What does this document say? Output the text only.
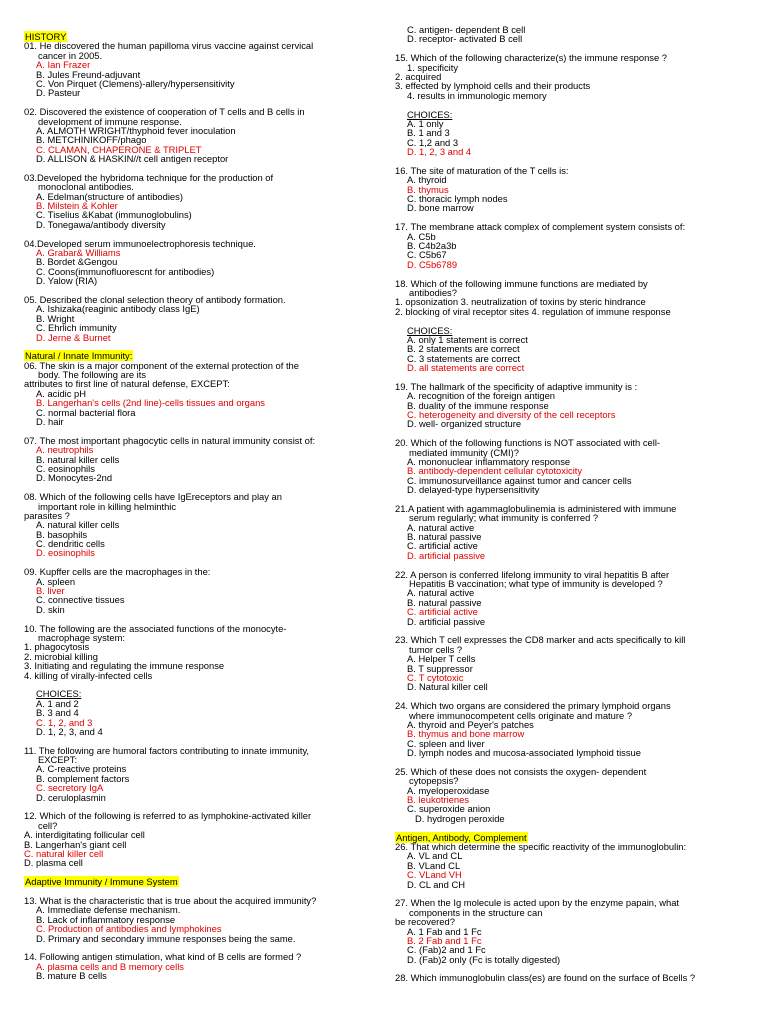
HISTORY
01. He discovered the human papilloma virus vaccine against cervical
cancer in 2005.
A. Ian Frazer
B. Jules Freund-adjuvant
C. Von Pirquet (Clemens)-allery/hypersensitivity
D. Pasteur
02. Discovered the existence of cooperation of T cells and B cells in
development of immune response.
A. ALMOTH WRIGHT/thyphoid fever inoculation
B. METCHINIKOFF/phago
C. CLAMAN, CHAPERONE & TRIPLET
D. ALLISON & HASKIN//t cell antigen receptor
03.Developed the hybridoma technique for the production of
monoclonal antibodies.
A. Edelman(structure of antibodies)
B. Milstein & Kohler
C. Tiselius &Kabat (immunoglobulins)
D. Tonegawa/antibody diversity
04.Developed serum immunoelectrophoresis technique.
A. Grabar& Williams
B. Bordet &Gengou
C. Coons(immunofluorescnt for antibodies)
D. Yalow (RIA)
05. Described the clonal selection theory of antibody formation.
A. Ishizaka(reaginic antibody class IgE)
B. Wright
C. Ehrlich immunity
D. Jerne & Burnet
Natural / Innate Immunity:
06. The skin is a major component of the external protection of the
body. The following are its
attributes to first line of natural defense, EXCEPT:
A. acidic pH
B. Langerhan's cells (2nd line)-cells tissues and organs
C. normal bacterial flora
D. hair
07. The most important phagocytic cells in natural immunity consist of:
A. neutrophils
B. natural killer cells
C. eosinophils
D. Monocytes-2nd
08. Which of the following cells have IgEreceptors and play an
important role in killing helminthic
parasites ?
A. natural killer cells
B. basophils
C. dendritic cells
D. eosinophils
09. Kupffer cells are the macrophages in the:
A. spleen
B. liver
C. connective tissues
D. skin
10. The following are the associated functions of the monocyte-
macrophage system:
1. phagocytosis
2. microbial killing
3. Initiating and regulating the immune response
4. killing of virally-infected cells
CHOICES:
A. 1 and 2
B. 3 and 4
C. 1, 2, and 3
D. 1, 2, 3, and 4
11. The following are humoral factors contributing to innate immunity,
EXCEPT:
A. C-reactive proteins
B. complement factors
C. secretory IgA
D. ceruloplasmin
12. Which of the following is referred to as lymphokine-activated killer
cell?
A. interdigitating follicular cell
B. Langerhan's giant cell
C. natural killer cell
D. plasma cell
Adaptive Immunity / Immune System
13. What is the characteristic that is true about the acquired immunity?
A. Immediate defense mechanism.
B. Lack of inflammatory response
C. Production of antibodies and lymphokines
D. Primary and secondary immune responses being the same.
14. Following antigen stimulation, what kind of B cells are formed ?
A. plasma cells and B memory cells
B. mature B cells
C. antigen- dependent B cell
D. receptor- activated B cell
15. Which of the following characterize(s) the immune response ?
1. specificity
2. acquired
3. effected by lymphoid cells and their products
4. results in immunologic memory
CHOICES:
A. 1 only
B. 1 and 3
C. 1,2 and 3
D. 1, 2, 3 and 4
16. The site of maturation of the T cells is:
A. thyroid
B. thymus
C. thoracic lymph nodes
D. bone marrow
17. The membrane attack complex of complement system consists of:
A. C5b
B. C4b2a3b
C. C5b67
D. C5b6789
18. Which of the following immune functions are mediated by
antibodies?
1. opsonization 3. neutralization of toxins by steric hindrance
2. blocking of viral receptor sites 4. regulation of immune response
CHOICES:
A. only 1 statement is correct
B. 2 statements are correct
C. 3 statements are correct
D. all statements are correct
19. The hallmark of the specificity of adaptive immunity is :
A. recognition of the foreign antigen
B. duality of the immune response
C. heterogeneity and diversity of the cell receptors
D. well- organized structure
20. Which of the following functions is NOT associated with cell-
mediated immunity (CMI)?
A. mononuclear inflammatory response
B. antibody-dependent cellular cytotoxicity
C. immunosurveillance against tumor and cancer cells
D. delayed-type hypersensitivity
21.A patient with agammaglobulinemia is administered with immune
serum regularly; what immunity is conferred ?
A. natural active
B. natural passive
C. artificial active
D. artificial passive
22. A person is conferred lifelong immunity to viral hepatitis B after
Hepatitis B vaccination; what type of immunity is developed ?
A. natural active
B. natural passive
C. artificial active
D. artificial passive
23. Which T cell expresses the CD8 marker and acts specifically to kill
tumor cells ?
A. Helper T cells
B. T suppressor
C. T cytotoxic
D. Natural killer cell
24. Which two organs are considered the primary lymphoid organs
where immunocompetent cells originate and mature ?
A. thyroid and Peyer's patches
B. thymus and bone marrow
C. spleen and liver
D. lymph nodes and mucosa-associated lymphoid tissue
25. Which of these does not consists the oxygen- dependent
cytopepsis?
A. myeloperoxidase
B. leukotrienes
C. superoxide anion
D. hydrogen peroxide
Antigen, Antibody, Complement
26. That which determine the specific reactivity of the immunoglobulin:
A. VL and CL
B. VLand CL
C. VLand VH
D. CL and CH
27. When the Ig molecule is acted upon by the enzyme papain, what
components in the structure can
be recovered?
A. 1 Fab and 1 Fc
B. 2 Fab and 1 Fc
C. (Fab)2 and 1 Fc
D. (Fab)2 only (Fc is totally digested)
28. Which immunoglobulin class(es) are found on the surface of Bcells ?
